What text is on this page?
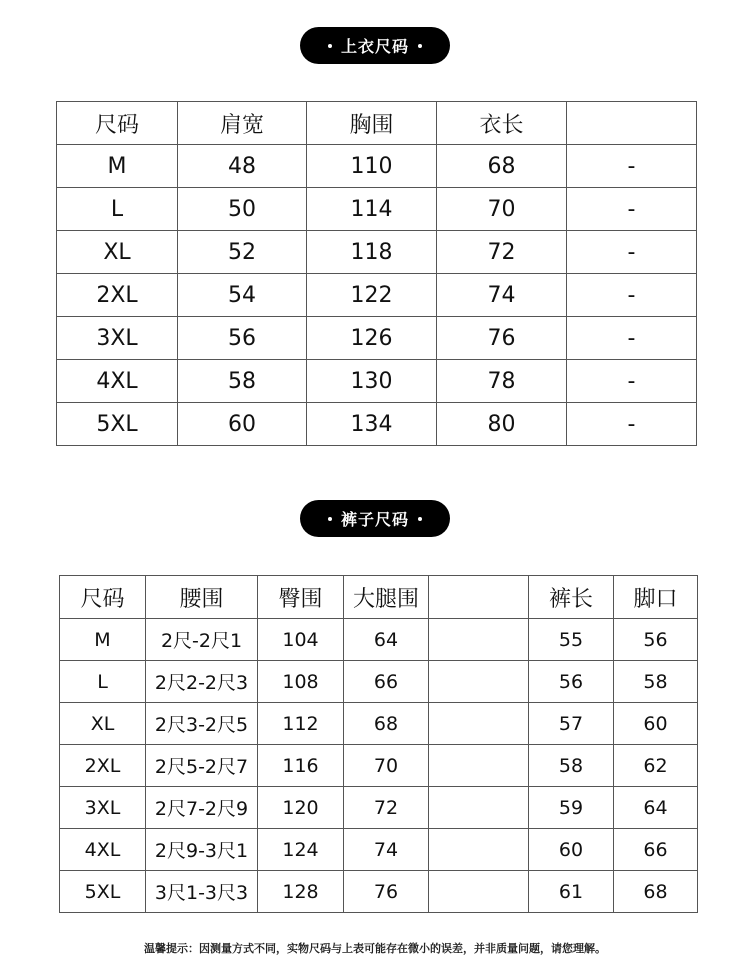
上衣尺码
尺码	肩宽	胸围	衣长	
M	48	110	68	-
L	50	114	70	-
XL	52	118	72	-
2XL	54	122	74	-
3XL	56	126	76	-
4XL	58	130	78	-
5XL	60	134	80	-
裤子尺码
尺码	腰围	臀围	大腿围		裤长	脚口
M	2尺-2尺1	104	64		55	56
L	2尺2-2尺3	108	66		56	58
XL	2尺3-2尺5	112	68		57	60
2XL	2尺5-2尺7	116	70		58	62
3XL	2尺7-2尺9	120	72		59	64
4XL	2尺9-3尺1	124	74		60	66
5XL	3尺1-3尺3	128	76		61	68
温馨提示：因测量方式不同，实物尺码与上表可能存在微小的误差，并非质量问题，请您理解。
